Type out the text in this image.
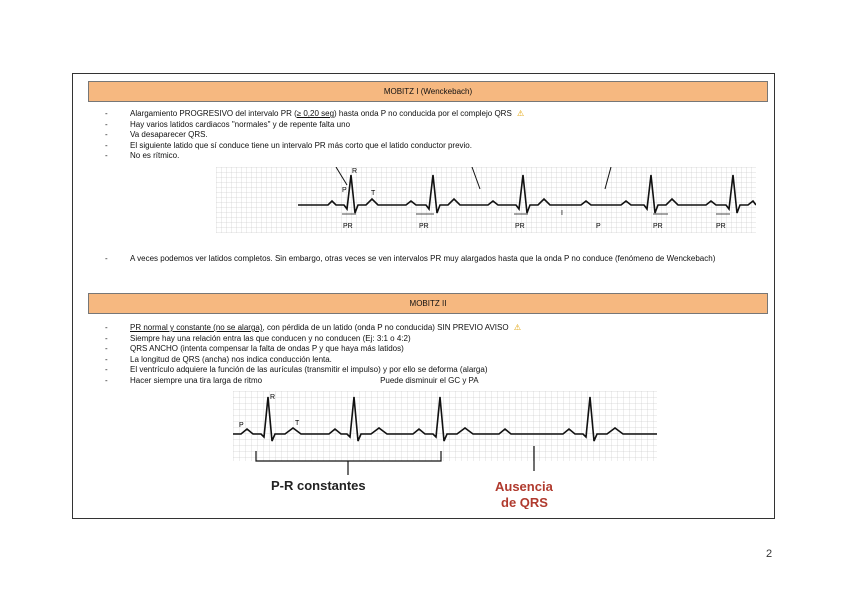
MOBITZ I (Wenckebach)
- Alargamiento PROGRESIVO del intervalo PR (≥ 0,20 seg) hasta onda P no conducida por el complejo QRS ⚠
- Hay varios latidos cardiacos "normales" y de repente falta uno
- Va desaparecer QRS.
- El siguiente latido que sí conduce tiene un intervalo PR más corto que el latido conductor previo.
- No es rítmico.
P
R
T
I
PR	PR	PR	P	PR	PR
- A veces podemos ver latidos completos. Sin embargo, otras veces se ven intervalos PR muy alargados hasta que la onda P no conduce (fenómeno de Wenckebach)
MOBITZ II
- PR normal y constante (no se alarga), con pérdida de un latido (onda P no conducida) SIN PREVIO AVISO ⚠
- Siempre hay una relación entra las que conducen y no conducen (Ej: 3:1 o 4:2)
- QRS ANCHO (intenta compensar la falta de ondas P y que haya más latidos)
- La longitud de QRS (ancha) nos indica conducción lenta.
- El ventrículo adquiere la función de las aurículas (transmitir el impulso) y por ello se deforma (alarga)
- Hacer siempre una tira larga de ritmo	Puede disminuir el GC y PA
P
R
T
P-R constantes	Ausencia
de QRS
2
